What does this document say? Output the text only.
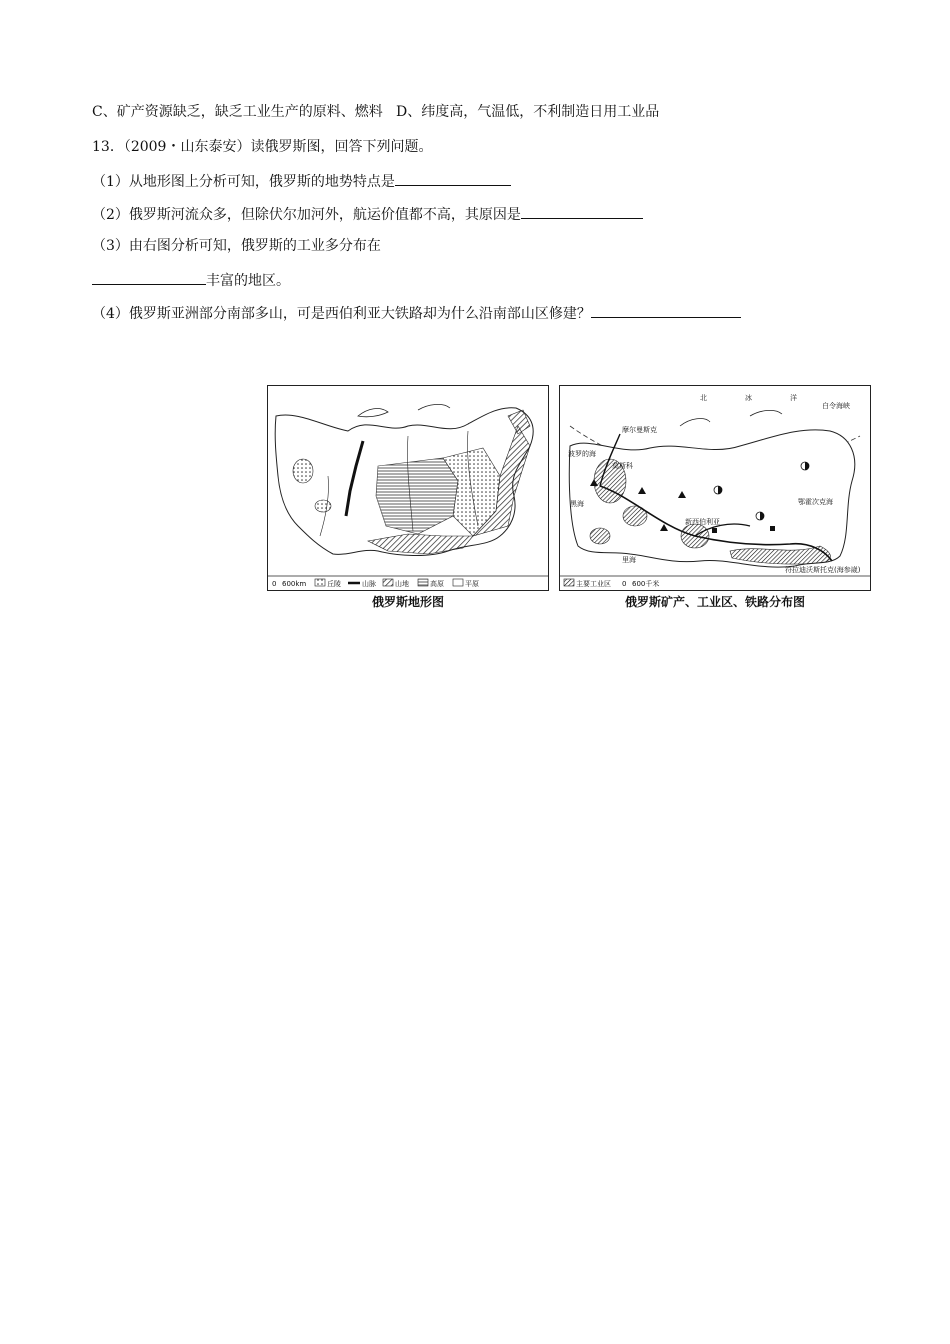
C、矿产资源缺乏，缺乏工业生产的原料、燃料   D、纬度高，气温低，不利制造日用工业品
13．（2009・山东泰安）读俄罗斯图，回答下列问题。
（1）从地形图上分析可知，俄罗斯的地势特点是
（2）俄罗斯河流众多，但除伏尔加河外，航运价值都不高，其原因是
（3）由右图分析可知，俄罗斯的工业多分布在
丰富的地区。
（4）俄罗斯亚洲部分南部多山，可是西伯利亚大铁路却为什么沿南部山区修建？
0 600km	丘陵	山脉	山地	高原	平原
俄罗斯地形图
北	冰	洋
摩尔曼斯克
莫斯科
新西伯利亚
鄂霍次克海
符拉迪沃斯托克(海参崴)
白令海峡
黑海
里海
波罗的海
主要工业区 0 600千米
俄罗斯矿产、工业区、铁路分布图
